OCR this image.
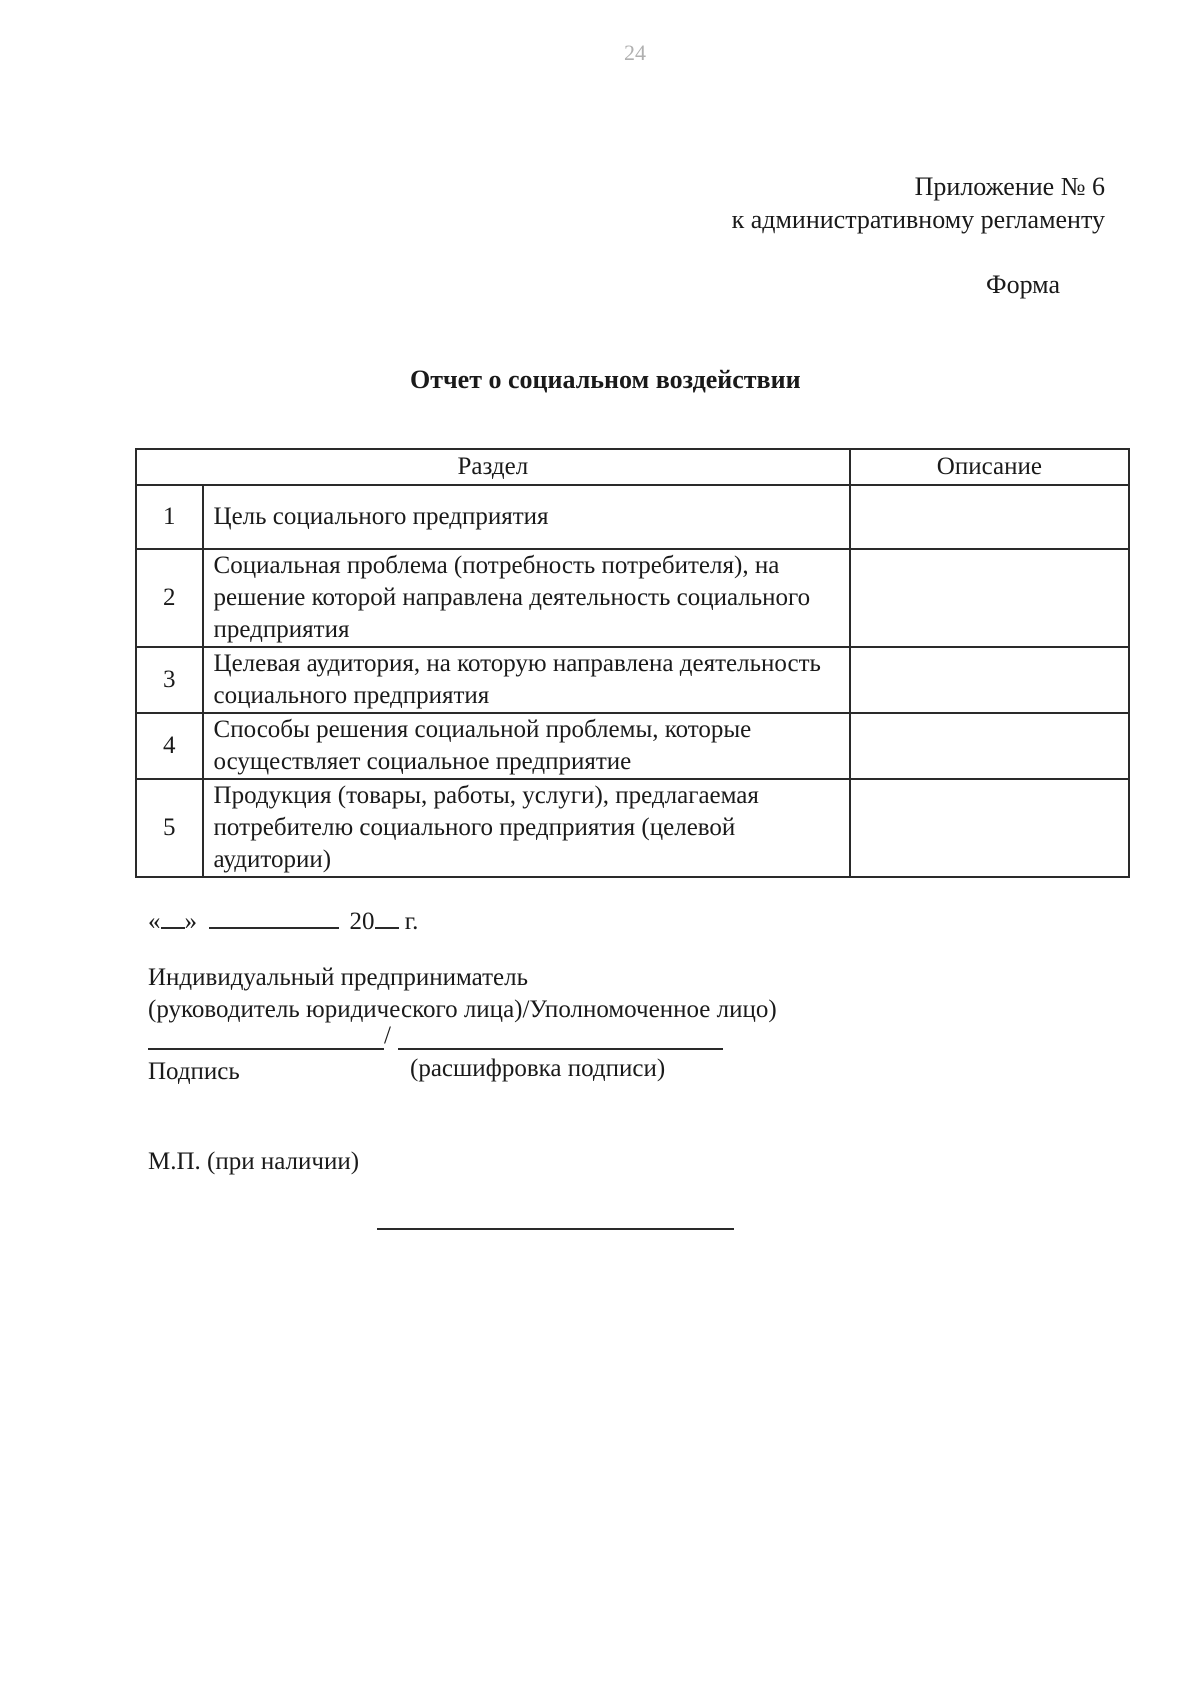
24
Приложение № 6
к административному регламенту
Форма
Отчет о социальном воздействии
Раздел		Описание
1	Цель социального предприятия	
2	Социальная проблема (потребность потребителя), на решение которой направлена деятельность социального предприятия	
3	Целевая аудитория, на которую направлена деятельность социального предприятия	
4	Способы решения социальной проблемы, которые осуществляет социальное предприятие	
5	Продукция (товары, работы, услуги), предлагаемая потребителю социального предприятия (целевой аудитории)	
« »	20 г.
Индивидуальный предприниматель
(руководитель юридического лица)/Уполномоченное лицо)
/
Подпись	(расшифровка подписи)
М.П. (при наличии)
